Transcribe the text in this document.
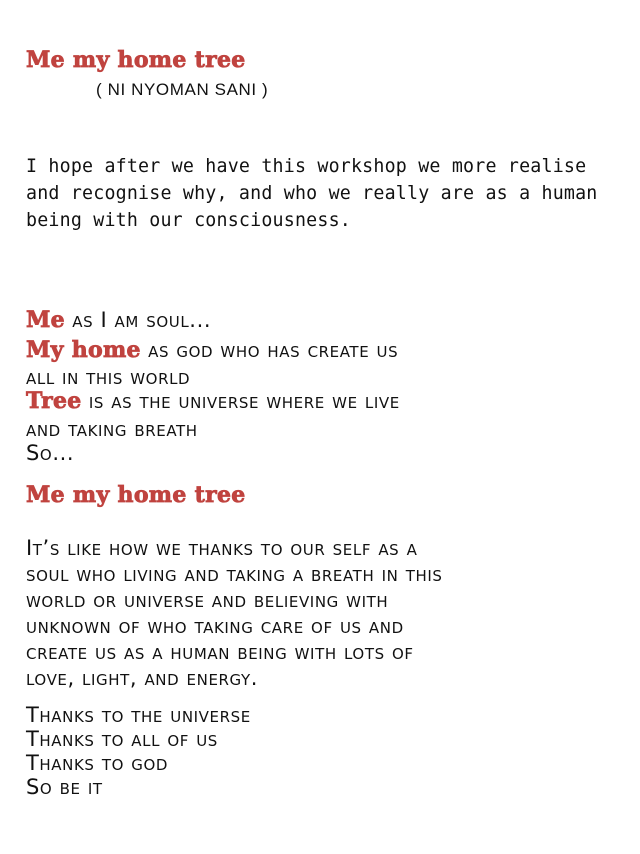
Me my home tree
( NI NYOMAN SANI )
I hope after we have this workshop we more realise
and recognise why, and who we really are as a human
being with our consciousness.
Me as I am soul...
My home as god who has create us
all in this world
Tree is as the universe where we live
and taking breath
So...
Me my home tree
It’s like how we thanks to our self as a
soul who living and taking a breath in this
world or universe and believing with
unknown of who taking care of us and
create us as a human being with lots of
love, light, and energy.
Thanks to the universe
Thanks to all of us
Thanks to god
So be it
